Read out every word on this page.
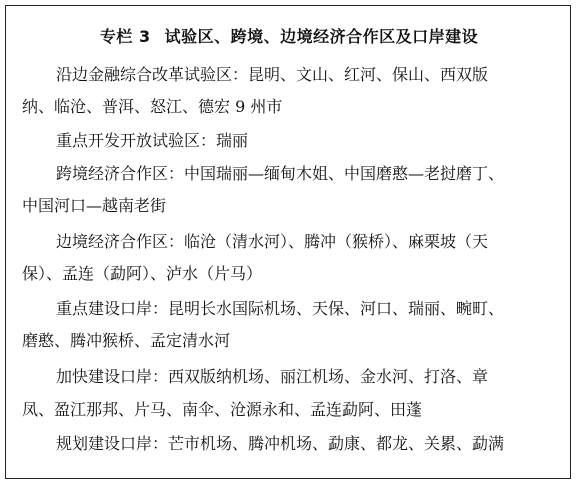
专栏 3 试验区、跨境、边境经济合作区及口岸建设
沿边金融综合改革试验区：昆明、文山、红河、保山、西双版
纳、临沧、普洱、怒江、德宏 9 州市
重点开发开放试验区：瑞丽
跨境经济合作区：中国瑞丽—缅甸木姐、中国磨憨—老挝磨丁、
中国河口—越南老街
边境经济合作区：临沧（清水河）、腾冲（猴桥）、麻栗坡（天
保）、孟连（勐阿）、泸水（片马）
重点建设口岸：昆明长水国际机场、天保、河口、瑞丽、畹町、
磨憨、腾冲猴桥、孟定清水河
加快建设口岸：西双版纳机场、丽江机场、金水河、打洛、章
凤、盈江那邦、片马、南伞、沧源永和、孟连勐阿、田蓬
规划建设口岸：芒市机场、腾冲机场、勐康、都龙、关累、勐满
